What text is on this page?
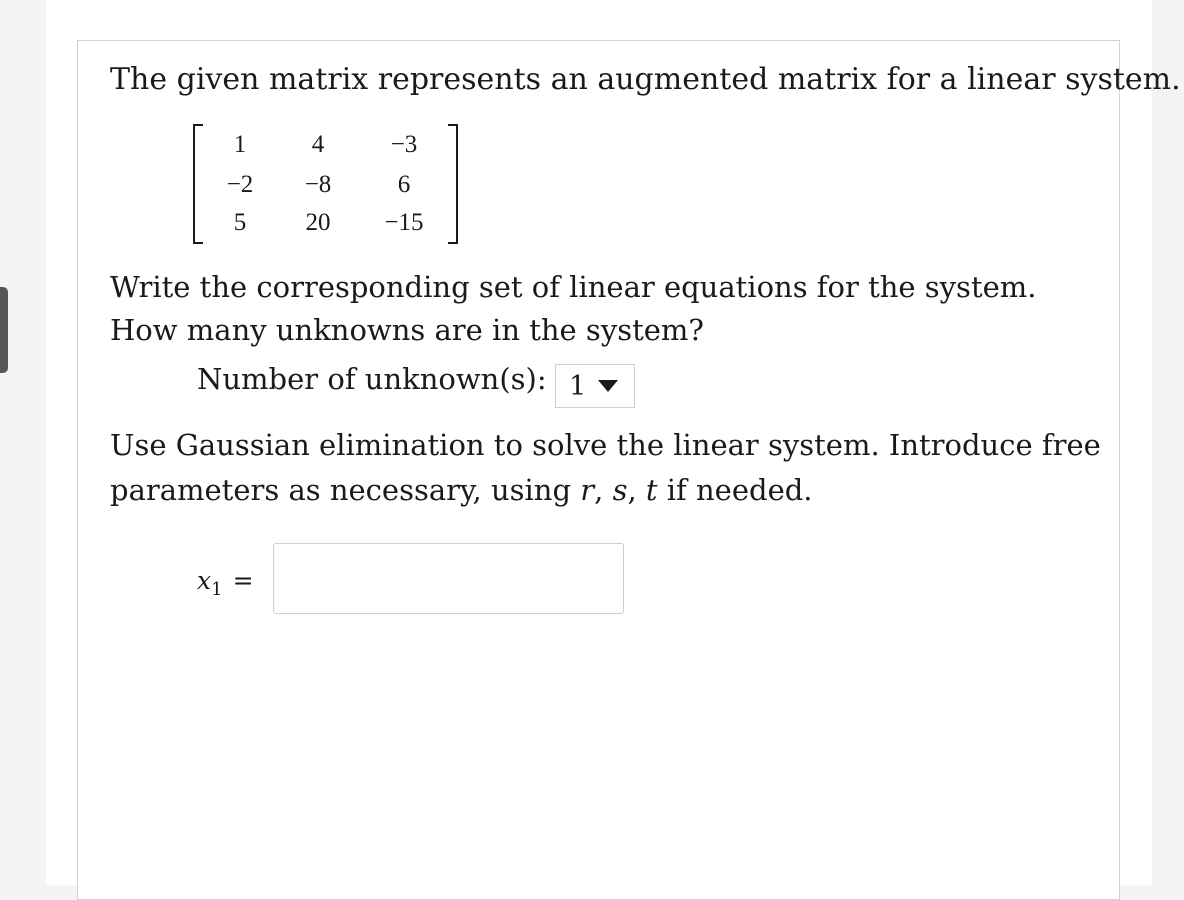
The given matrix represents an augmented matrix for a linear system.
1	4	−3
−2	−8	6
5	20	−15
Write the corresponding set of linear equations for the system. How many unknowns are in the system?
Number of unknown(s): 1
Use Gaussian elimination to solve the linear system. Introduce free parameters as necessary, using r, s, t if needed.
$x_1$ =
